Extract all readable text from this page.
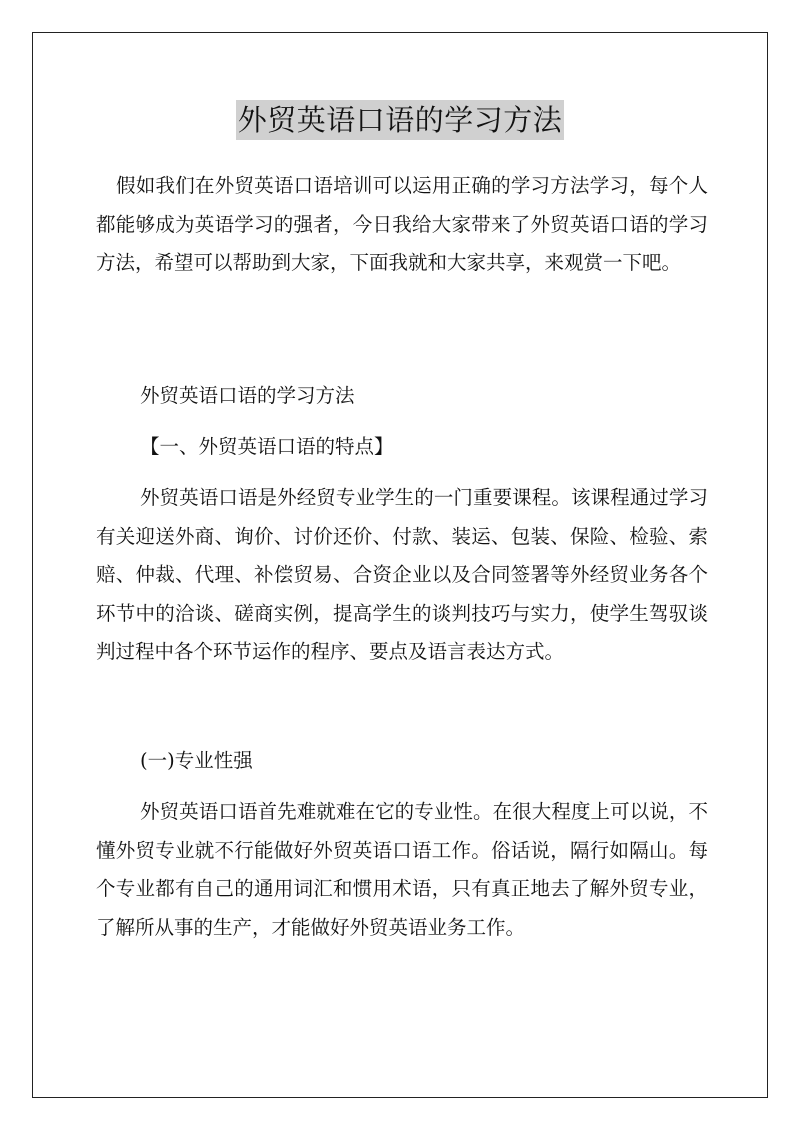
外贸英语口语的学习方法

假如我们在外贸英语口语培训可以运用正确的学习方法学习，每个人都能够成为英语学习的强者，今日我给大家带来了外贸英语口语的学习方法，希望可以帮助到大家，下面我就和大家共享，来观赏一下吧。

外贸英语口语的学习方法

【一、外贸英语口语的特点】

外贸英语口语是外经贸专业学生的一门重要课程。该课程通过学习有关迎送外商、询价、讨价还价、付款、装运、包装、保险、检验、索赔、仲裁、代理、补偿贸易、合资企业以及合同签署等外经贸业务各个环节中的洽谈、磋商实例，提高学生的谈判技巧与实力，使学生驾驭谈判过程中各个环节运作的程序、要点及语言表达方式。

(一)专业性强

外贸英语口语首先难就难在它的专业性。在很大程度上可以说，不懂外贸专业就不行能做好外贸英语口语工作。俗话说，隔行如隔山。每个专业都有自己的通用词汇和惯用术语，只有真正地去了解外贸专业，了解所从事的生产，才能做好外贸英语业务工作。
